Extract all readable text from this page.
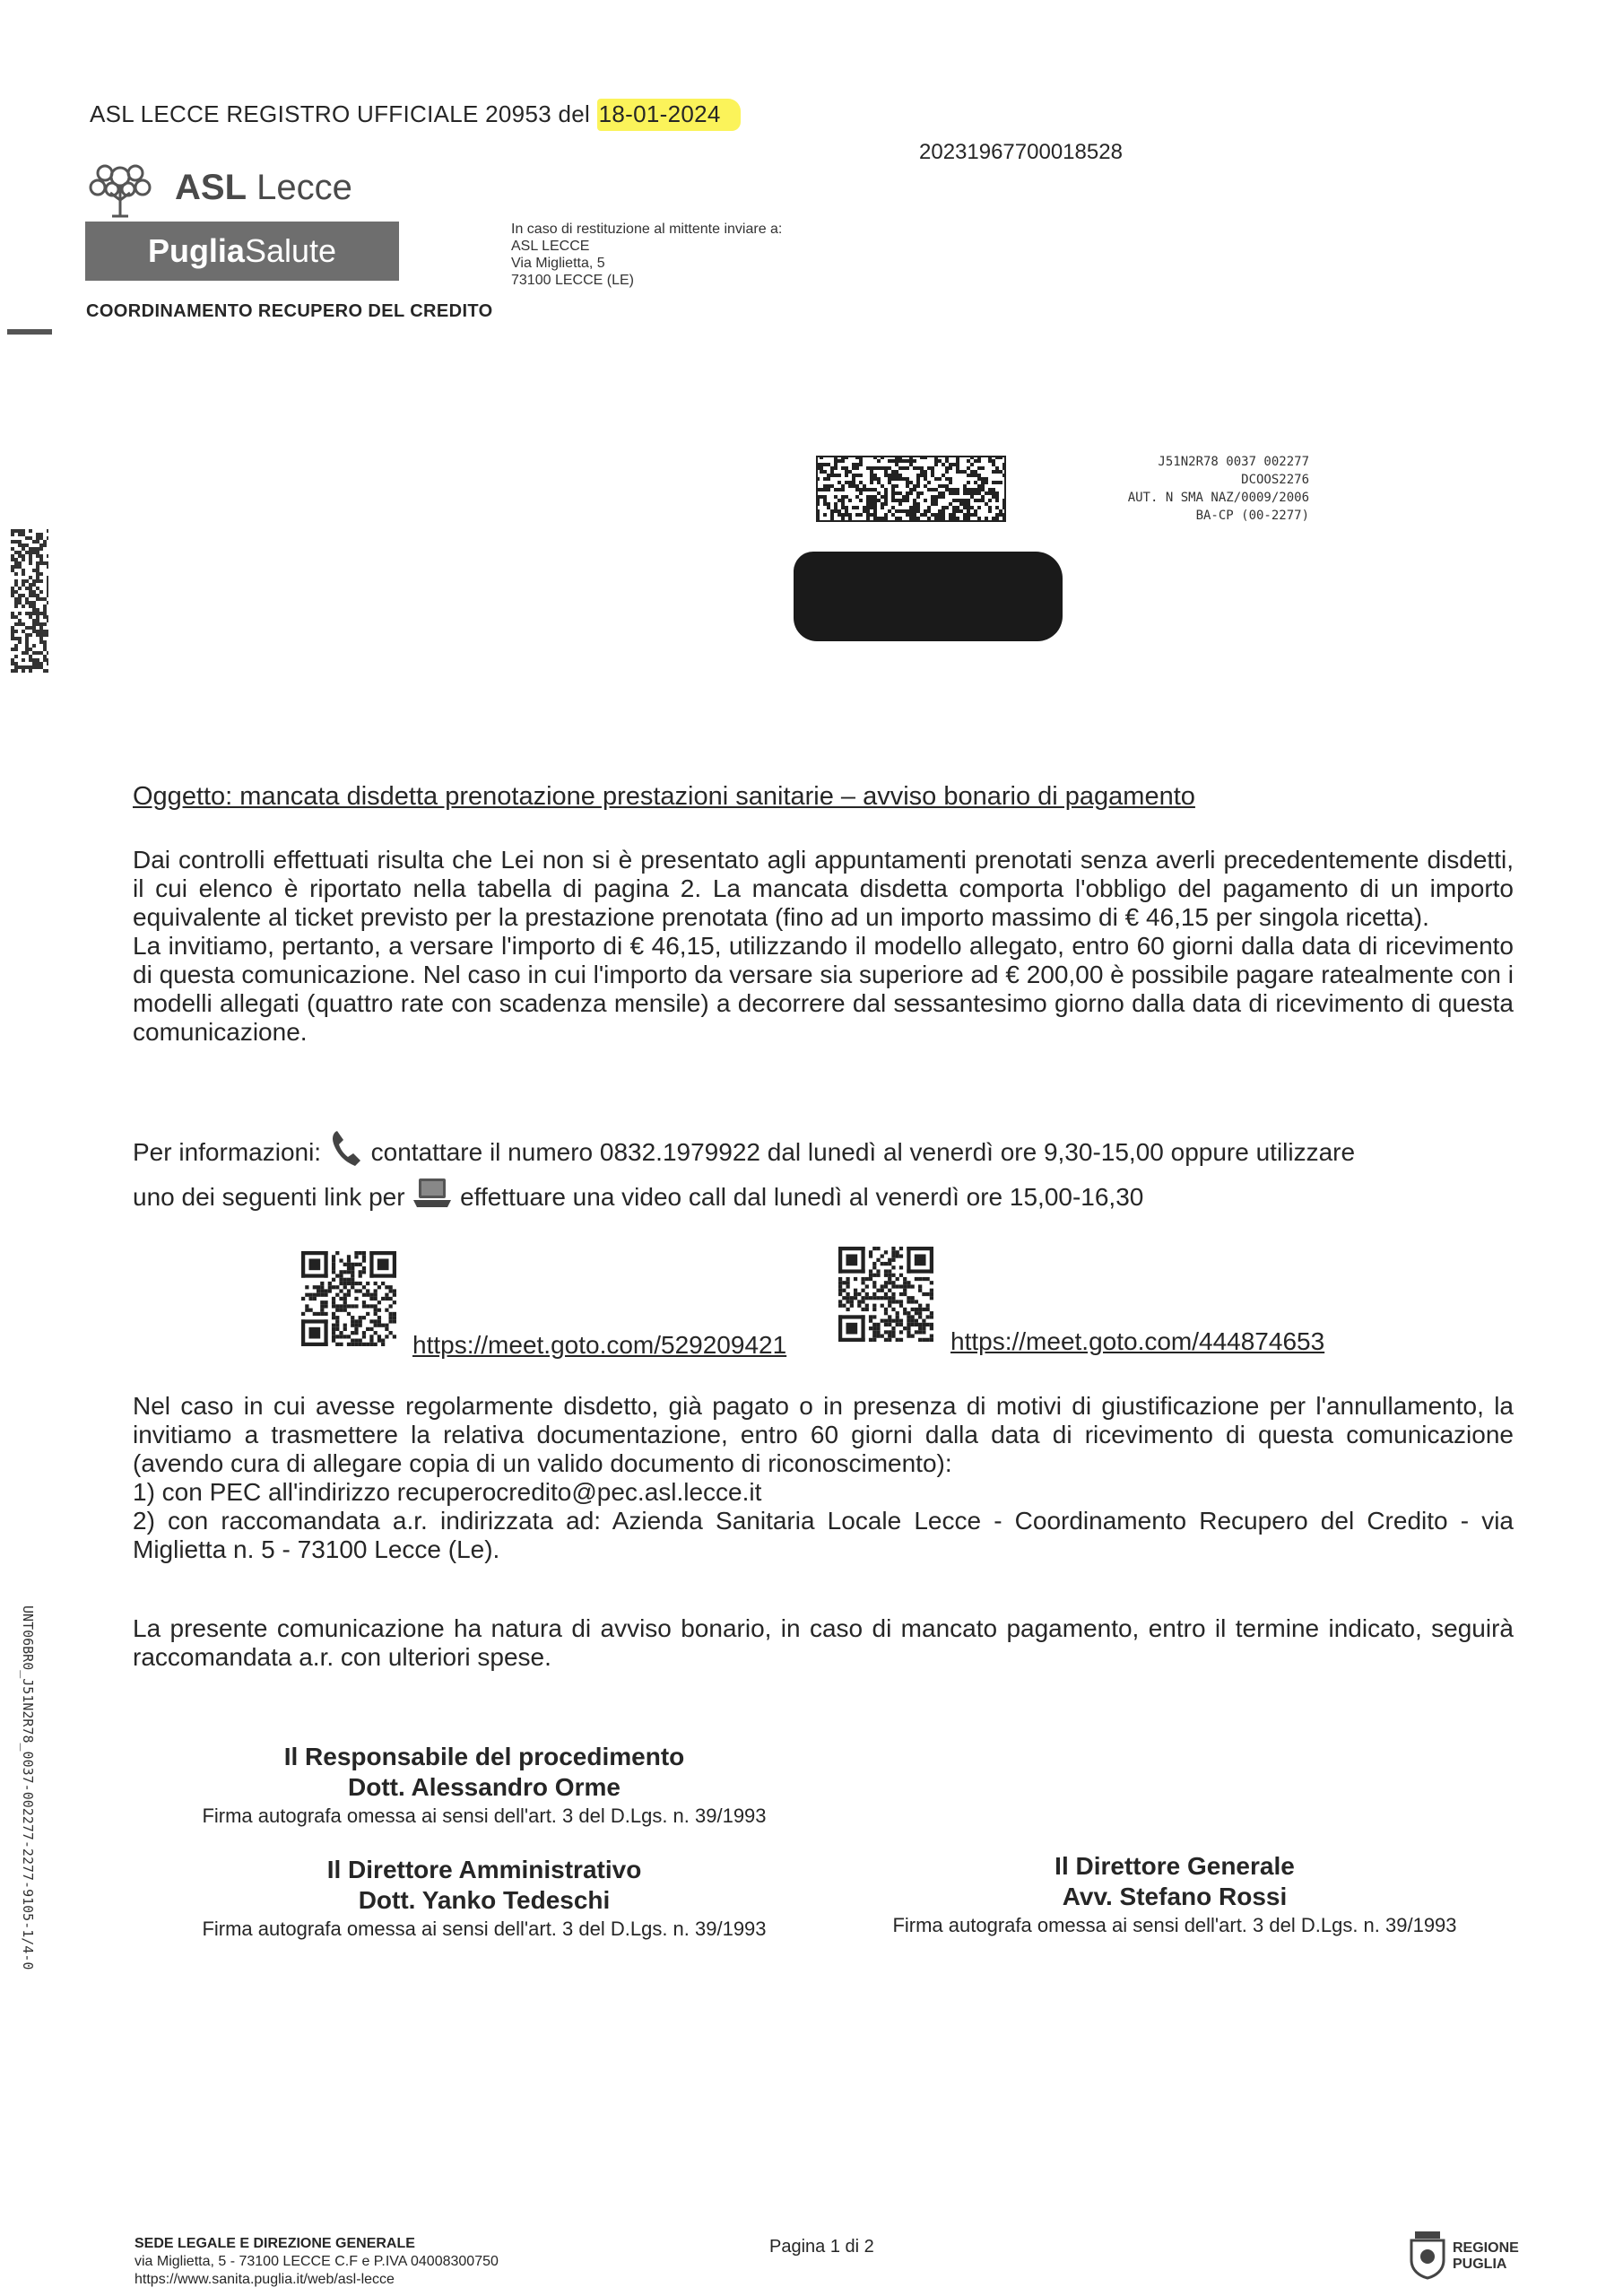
ASL LECCE REGISTRO UFFICIALE 20953 del 18-01-2024
20231967700018528
ASL Lecce
PugliaSalute
COORDINAMENTO RECUPERO DEL CREDITO
In caso di restituzione al mittente inviare a:
ASL LECCE
Via Miglietta, 5
73100 LECCE (LE)
J51N2R78 0037 002277
DCOOS2276
AUT. N SMA NAZ/0009/2006
BA-CP (00-2277)
Oggetto: mancata disdetta prenotazione prestazioni sanitarie – avviso bonario di pagamento
Dai controlli effettuati risulta che Lei non si è presentato agli appuntamenti prenotati senza averli precedentemente disdetti, il cui elenco è riportato nella tabella di pagina 2. La mancata disdetta comporta l'obbligo del pagamento di un importo equivalente al ticket previsto per la prestazione prenotata (fino ad un importo massimo di € 46,15 per singola ricetta).
La invitiamo, pertanto, a versare l'importo di € 46,15, utilizzando il modello allegato, entro 60 giorni dalla data di ricevimento di questa comunicazione. Nel caso in cui l'importo da versare sia superiore ad € 200,00 è possibile pagare ratealmente con i modelli allegati (quattro rate con scadenza mensile) a decorrere dal sessantesimo giorno dalla data di ricevimento di questa comunicazione.
Per informazioni: contattare il numero 0832.1979922 dal lunedì al venerdì ore 9,30-15,00 oppure utilizzare
uno dei seguenti link per effettuare una video call dal lunedì al venerdì ore 15,00-16,30
https://meet.goto.com/529209421	https://meet.goto.com/444874653
Nel caso in cui avesse regolarmente disdetto, già pagato o in presenza di motivi di giustificazione per l'annullamento, la invitiamo a trasmettere la relativa documentazione, entro 60 giorni dalla data di ricevimento di questa comunicazione (avendo cura di allegare copia di un valido documento di riconoscimento):
1) con PEC all'indirizzo recuperocredito@pec.asl.lecce.it
2) con raccomandata a.r. indirizzata ad: Azienda Sanitaria Locale Lecce - Coordinamento Recupero del Credito - via Miglietta n. 5 - 73100 Lecce (Le).
La presente comunicazione ha natura di avviso bonario, in caso di mancato pagamento, entro il termine indicato, seguirà raccomandata a.r. con ulteriori spese.
Il Responsabile del procedimento
Dott. Alessandro Orme
Firma autografa omessa ai sensi dell'art. 3 del D.Lgs. n. 39/1993
Il Direttore Amministrativo
Dott. Yanko Tedeschi
Firma autografa omessa ai sensi dell'art. 3 del D.Lgs. n. 39/1993
Il Direttore Generale
Avv. Stefano Rossi
Firma autografa omessa ai sensi dell'art. 3 del D.Lgs. n. 39/1993
UNT06BR0_J51N2R78_0037-002277-2277-9105-1/4-0
SEDE LEGALE E DIREZIONE GENERALE
via Miglietta, 5 - 73100 LECCE C.F e P.IVA 04008300750
https://www.sanita.puglia.it/web/asl-lecce
Pagina 1 di 2	REGIONE
PUGLIA
